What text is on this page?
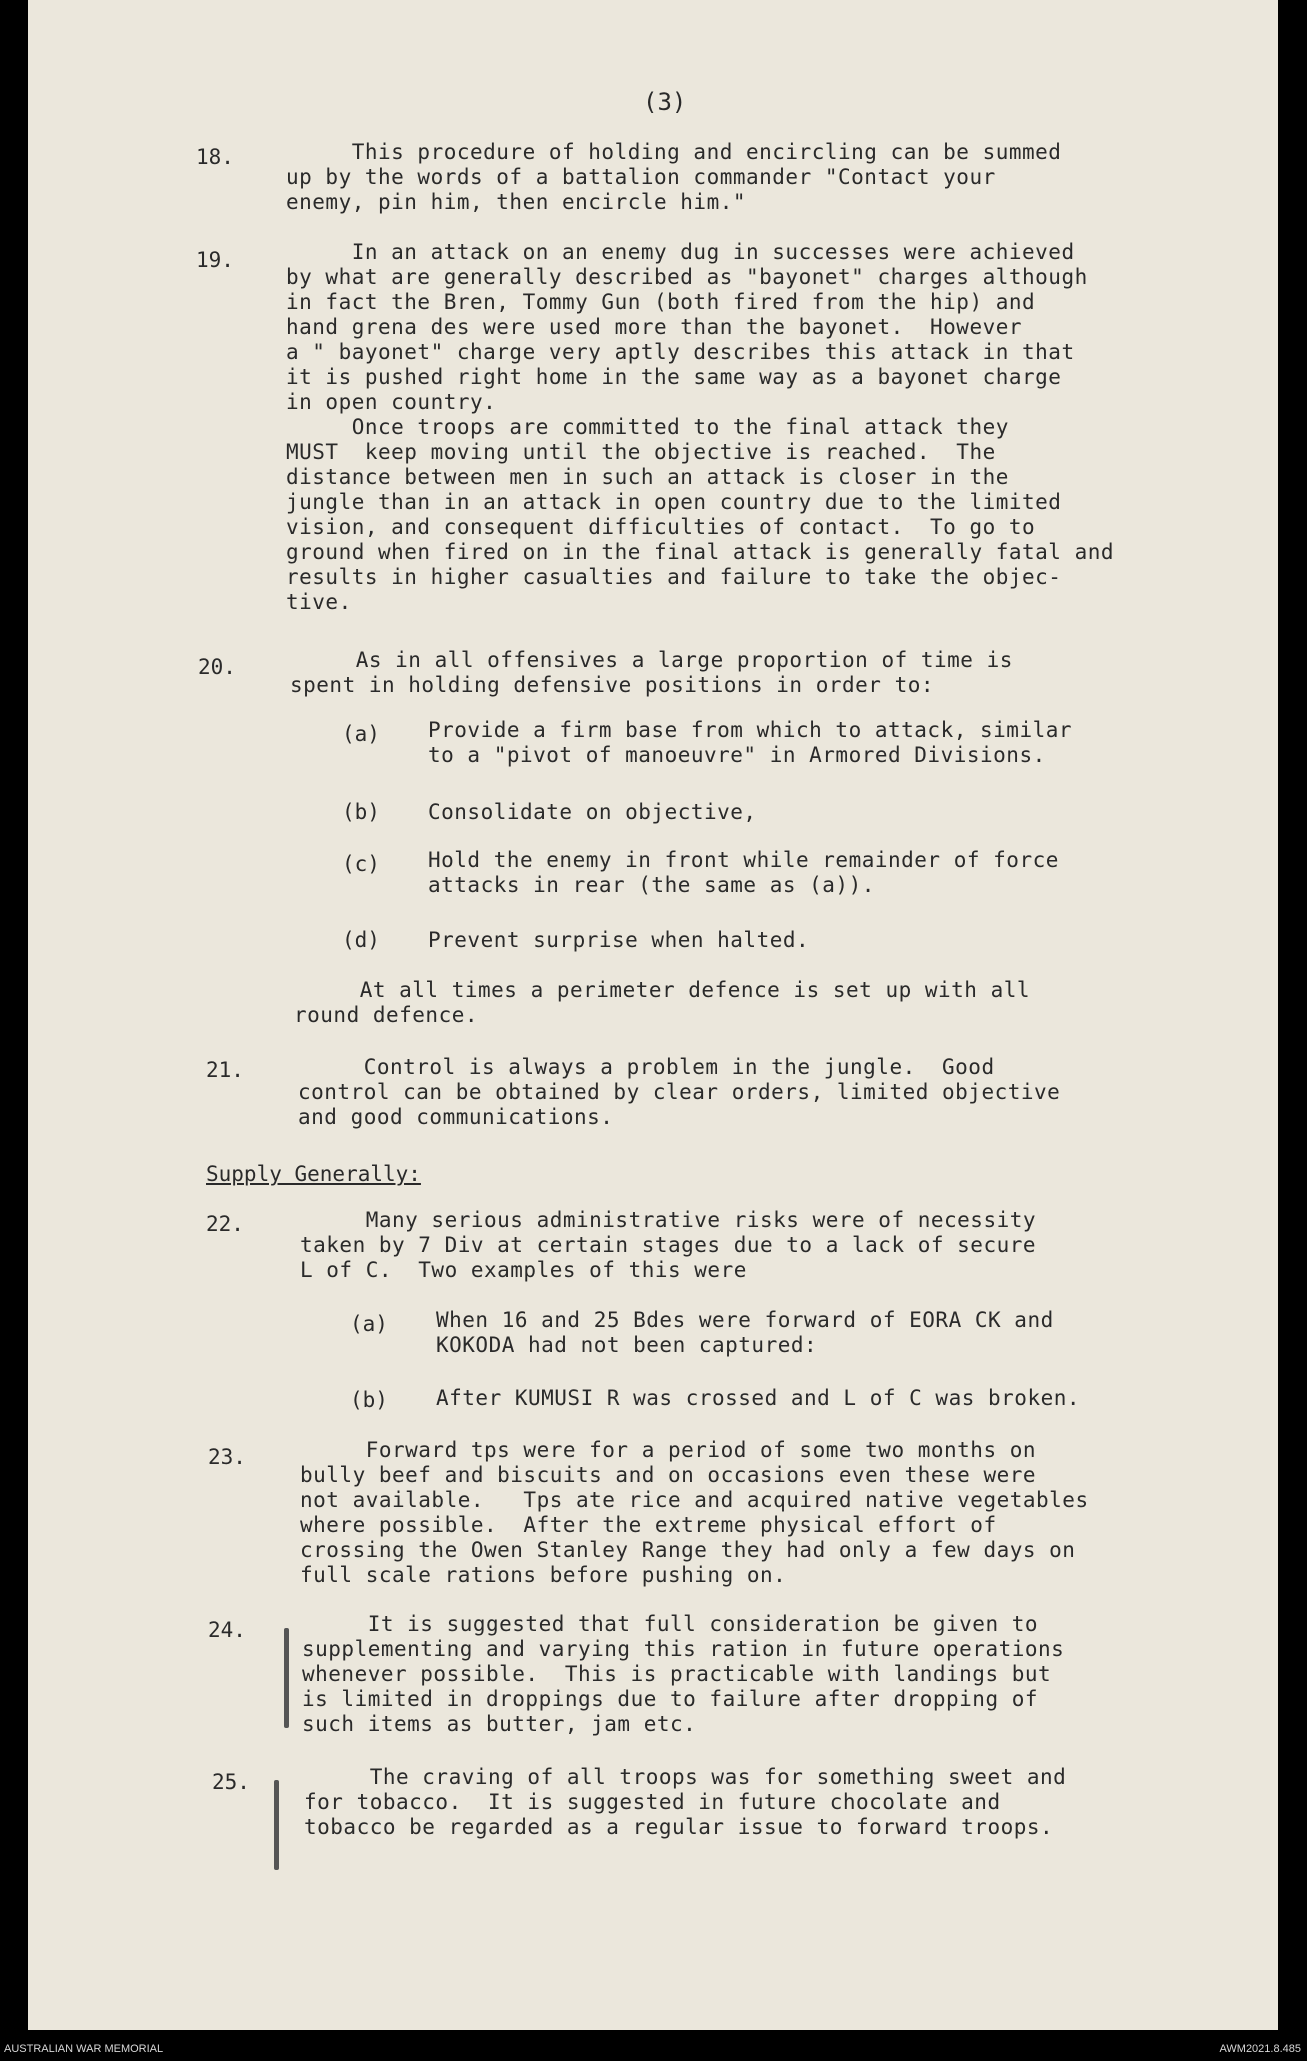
(3)
18.	This procedure of holding and encircling can be summed
up by the words of a battalion commander "Contact your
enemy, pin him, then encircle him."
19.	In an attack on an enemy dug in successes were achieved
by what are generally described as "bayonet" charges although
in fact the Bren, Tommy Gun (both fired from the hip) and
hand grena des were used more than the bayonet.  However
a " bayonet" charge very aptly describes this attack in that
it is pushed right home in the same way as a bayonet charge
in open country.
Once troops are committed to the final attack they
MUST  keep moving until the objective is reached.  The
distance between men in such an attack is closer in the
jungle than in an attack in open country due to the limited
vision, and consequent difficulties of contact.  To go to
ground when fired on in the final attack is generally fatal and
results in higher casualties and failure to take the objec-
tive.
20.	As in all offensives a large proportion of time is
spent in holding defensive positions in order to:
(a) Provide a firm base from which to attack, similar
to a "pivot of manoeuvre" in Armored Divisions.
(b) Consolidate on objective,
(c) Hold the enemy in front while remainder of force
attacks in rear (the same as (a)).
(d) Prevent surprise when halted.
At all times a perimeter defence is set up with all
round defence.
21.	Control is always a problem in the jungle.  Good
control can be obtained by clear orders, limited objective
and good communications.
Supply Generally:
22.	Many serious administrative risks were of necessity
taken by 7 Div at certain stages due to a lack of secure
L of C.  Two examples of this were
(a) When 16 and 25 Bdes were forward of EORA CK and
KOKODA had not been captured:
(b) After KUMUSI R was crossed and L of C was broken.
23.	Forward tps were for a period of some two months on
bully beef and biscuits and on occasions even these were
not available.   Tps ate rice and acquired native vegetables
where possible.  After the extreme physical effort of
crossing the Owen Stanley Range they had only a few days on
full scale rations before pushing on.
24.	It is suggested that full consideration be given to
supplementing and varying this ration in future operations
whenever possible.  This is practicable with landings but
is limited in droppings due to failure after dropping of
such items as butter, jam etc.
25.	The craving of all troops was for something sweet and
for tobacco.  It is suggested in future chocolate and
tobacco be regarded as a regular issue to forward troops.
AUSTRALIAN WAR MEMORIAL	AWM2021.8.485
